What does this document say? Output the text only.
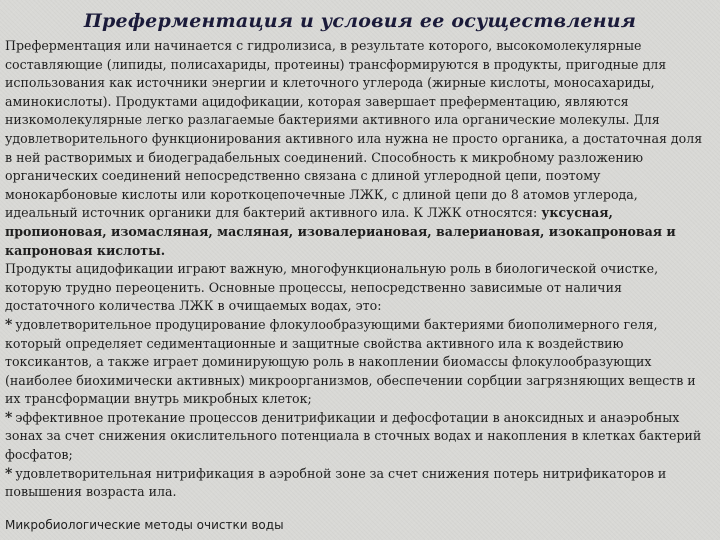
Преферментация и условия ее осуществления

Преферментация или начинается с гидролизиса, в результате которого, высокомолекулярные составляющие (липиды, полисахариды, протеины) трансформируются в продукты, пригодные для использования как источники энергии и клеточного углерода (жирные кислоты, моносахариды, аминокислоты). Продуктами ацидофикации, которая завершает преферментацию, являются низкомолекулярные легко разлагаемые бактериями активного ила органические молекулы. Для удовлетворительного функционирования активного ила нужна не просто органика, а достаточная доля в ней растворимых и биодеградабельных соединений. Способность к микробному разложению органических соединений непосредственно связана с длиной углеродной цепи, поэтому монокарбоновые кислоты или короткоцепочечные ЛЖК, с длиной цепи до 8 атомов углерода, идеальный источник органики для бактерий активного ила. К ЛЖК относятся: уксусная, пропионовая, изомасляная, масляная, изовалериановая, валериановая, изокапроновая и капроновая кислоты.

Продукты ацидофикации играют важную, многофункциональную роль в биологической очистке, которую трудно переоценить. Основные процессы, непосредственно зависимые от наличия достаточного количества ЛЖК в очищаемых водах, это:

* удовлетворительное продуцирование флокулообразующими бактериями биополимерного геля, который определяет седиментационные и защитные свойства активного ила к воздействию токсикантов, а также играет доминирующую роль в накоплении биомассы флокулообразующих (наиболее биохимически активных) микроорганизмов, обеспечении сорбции загрязняющих веществ и их трансформации внутрь микробных клеток;

* эффективное протекание процессов денитрификации и дефосфотации в аноксидных и анаэробных зонах за счет снижения окислительного потенциала в сточных водах и накопления в клетках бактерий фосфатов;

* удовлетворительная нитрификация в аэробной зоне за счет снижения потерь нитрификаторов и повышения возраста ила.

Микробиологические методы очистки воды
